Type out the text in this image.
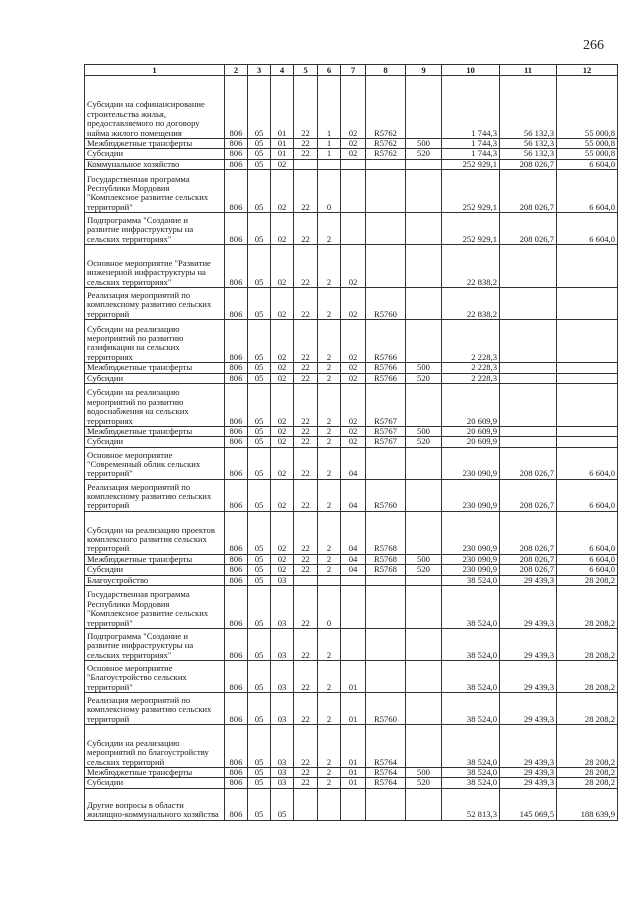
266
1	2	3	4	5	6	7	8	9	10	11	12
Субсидии на софинансирование строительства жилья, предоставляемого по договору найма жилого помещения	806	05	01	22	1	02	R5762		1 744,3	56 132,3	55 000,8
Межбюджетные трансферты	806	05	01	22	1	02	R5762	500	1 744,3	56 132,3	55 000,8
Субсидии	806	05	01	22	1	02	R5762	520	1 744,3	56 132,3	55 000,8
Коммунальное хозяйство	806	05	02						252 929,1	208 026,7	6 604,0
Государственная программа Республики Мордовия "Комплексное развитие сельских территорий"	806	05	02	22	0				252 929,1	208 026,7	6 604,0
Подпрограмма "Создание и развитие инфраструктуры на сельских территориях"	806	05	02	22	2				252 929,1	208 026,7	6 604,0
Основное мероприятие "Развитие инженерной инфраструктуры на сельских территориях"	806	05	02	22	2	02			22 838,2		
Реализация мероприятий по комплексному развитию сельских территорий	806	05	02	22	2	02	R5760		22 838,2		
Субсидии на реализацию мероприятий по развитию газификации на сельских территориях	806	05	02	22	2	02	R5766		2 228,3		
Межбюджетные трансферты	806	05	02	22	2	02	R5766	500	2 228,3		
Субсидии	806	05	02	22	2	02	R5766	520	2 228,3		
Субсидии на реализацию мероприятий по развитию водоснабжения на сельских территориях	806	05	02	22	2	02	R5767		20 609,9		
Межбюджетные трансферты	806	05	02	22	2	02	R5767	500	20 609,9		
Субсидии	806	05	02	22	2	02	R5767	520	20 609,9		
Основное мероприятие "Современный облик сельских территорий"	806	05	02	22	2	04			230 090,9	208 026,7	6 604,0
Реализация мероприятий по комплексному развитию сельских территорий	806	05	02	22	2	04	R5760		230 090,9	208 026,7	6 604,0
Субсидии на реализацию проектов комплексного развития сельских территорий	806	05	02	22	2	04	R5768		230 090,9	208 026,7	6 604,0
Межбюджетные трансферты	806	05	02	22	2	04	R5768	500	230 090,9	208 026,7	6 604,0
Субсидии	806	05	02	22	2	04	R5768	520	230 090,9	208 026,7	6 604,0
Благоустройство	806	05	03						38 524,0	29 439,3	28 208,2
Государственная программа Республики Мордовия "Комплексное развитие сельских территорий"	806	05	03	22	0				38 524,0	29 439,3	28 208,2
Подпрограмма "Создание и развитие инфраструктуры на сельских территориях"	806	05	03	22	2				38 524,0	29 439,3	28 208,2
Основное мероприятие "Благоустройство сельских территорий"	806	05	03	22	2	01			38 524,0	29 439,3	28 208,2
Реализация мероприятий по комплексному развитию сельских территорий	806	05	03	22	2	01	R5760		38 524,0	29 439,3	28 208,2
Субсидии на реализацию мероприятий по благоустройству сельских территорий	806	05	03	22	2	01	R5764		38 524,0	29 439,3	28 208,2
Межбюджетные трансферты	806	05	03	22	2	01	R5764	500	38 524,0	29 439,3	28 208,2
Субсидии	806	05	03	22	2	01	R5764	520	38 524,0	29 439,3	28 208,2
Другие вопросы в области жилищно-коммунального хозяйства	806	05	05						52 813,3	145 069,5	188 639,9
